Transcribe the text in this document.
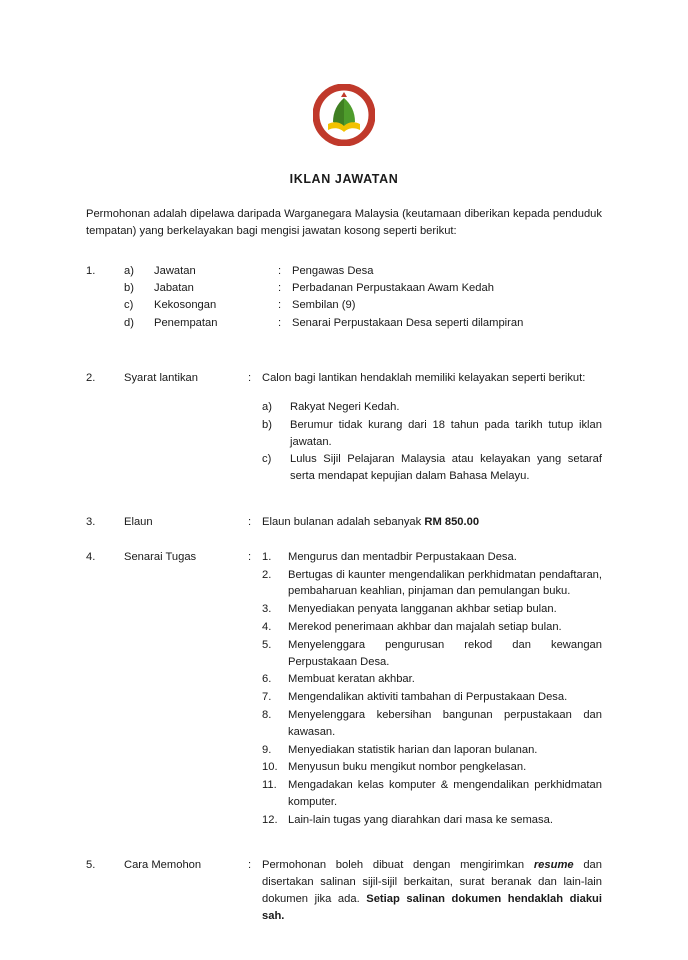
IKLAN JAWATAN
Permohonan adalah dipelawa daripada Warganegara Malaysia (keutamaan diberikan kepada penduduk tempatan) yang berkelayakan bagi mengisi jawatan kosong seperti berikut:
1.	a)	Jawatan	: Pengawas Desa
b)	Jabatan	: Perbadanan Perpustakaan Awam Kedah
c)	Kekosongan	: Sembilan (9)
d)	Penempatan	: Senarai Perpustakaan Desa seperti dilampiran
2.	Syarat lantikan	: Calon bagi lantikan hendaklah memiliki kelayakan seperti berikut:
a)	Rakyat Negeri Kedah.
b)	Berumur tidak kurang dari 18 tahun pada tarikh tutup iklan jawatan.
c)	Lulus Sijil Pelajaran Malaysia atau kelayakan yang setaraf serta mendapat kepujian dalam Bahasa Melayu.
3.	Elaun	: Elaun bulanan adalah sebanyak RM 850.00
4.	Senarai Tugas	: 1.	Mengurus dan mentadbir Perpustakaan Desa.
2.	Bertugas di kaunter mengendalikan perkhidmatan pendaftaran, pembaharuan keahlian, pinjaman dan pemulangan buku.
3.	Menyediakan penyata langganan akhbar setiap bulan.
4.	Merekod penerimaan akhbar dan majalah setiap bulan.
5.	Menyelenggara pengurusan rekod dan kewangan Perpustakaan Desa.
6.	Membuat keratan akhbar.
7.	Mengendalikan aktiviti tambahan di Perpustakaan Desa.
8.	Menyelenggara kebersihan bangunan perpustakaan dan kawasan.
9.	Menyediakan statistik harian dan laporan bulanan.
10. Menyusun buku mengikut nombor pengkelasan.
11.	Mengadakan kelas komputer & mengendalikan perkhidmatan komputer.
12. Lain-lain tugas yang diarahkan dari masa ke semasa.
5.	Cara Memohon	: Permohonan boleh dibuat dengan mengirimkan resume dan disertakan salinan sijil-sijil berkaitan, surat beranak dan lain-lain dokumen jika ada. Setiap salinan dokumen hendaklah diakui sah.
